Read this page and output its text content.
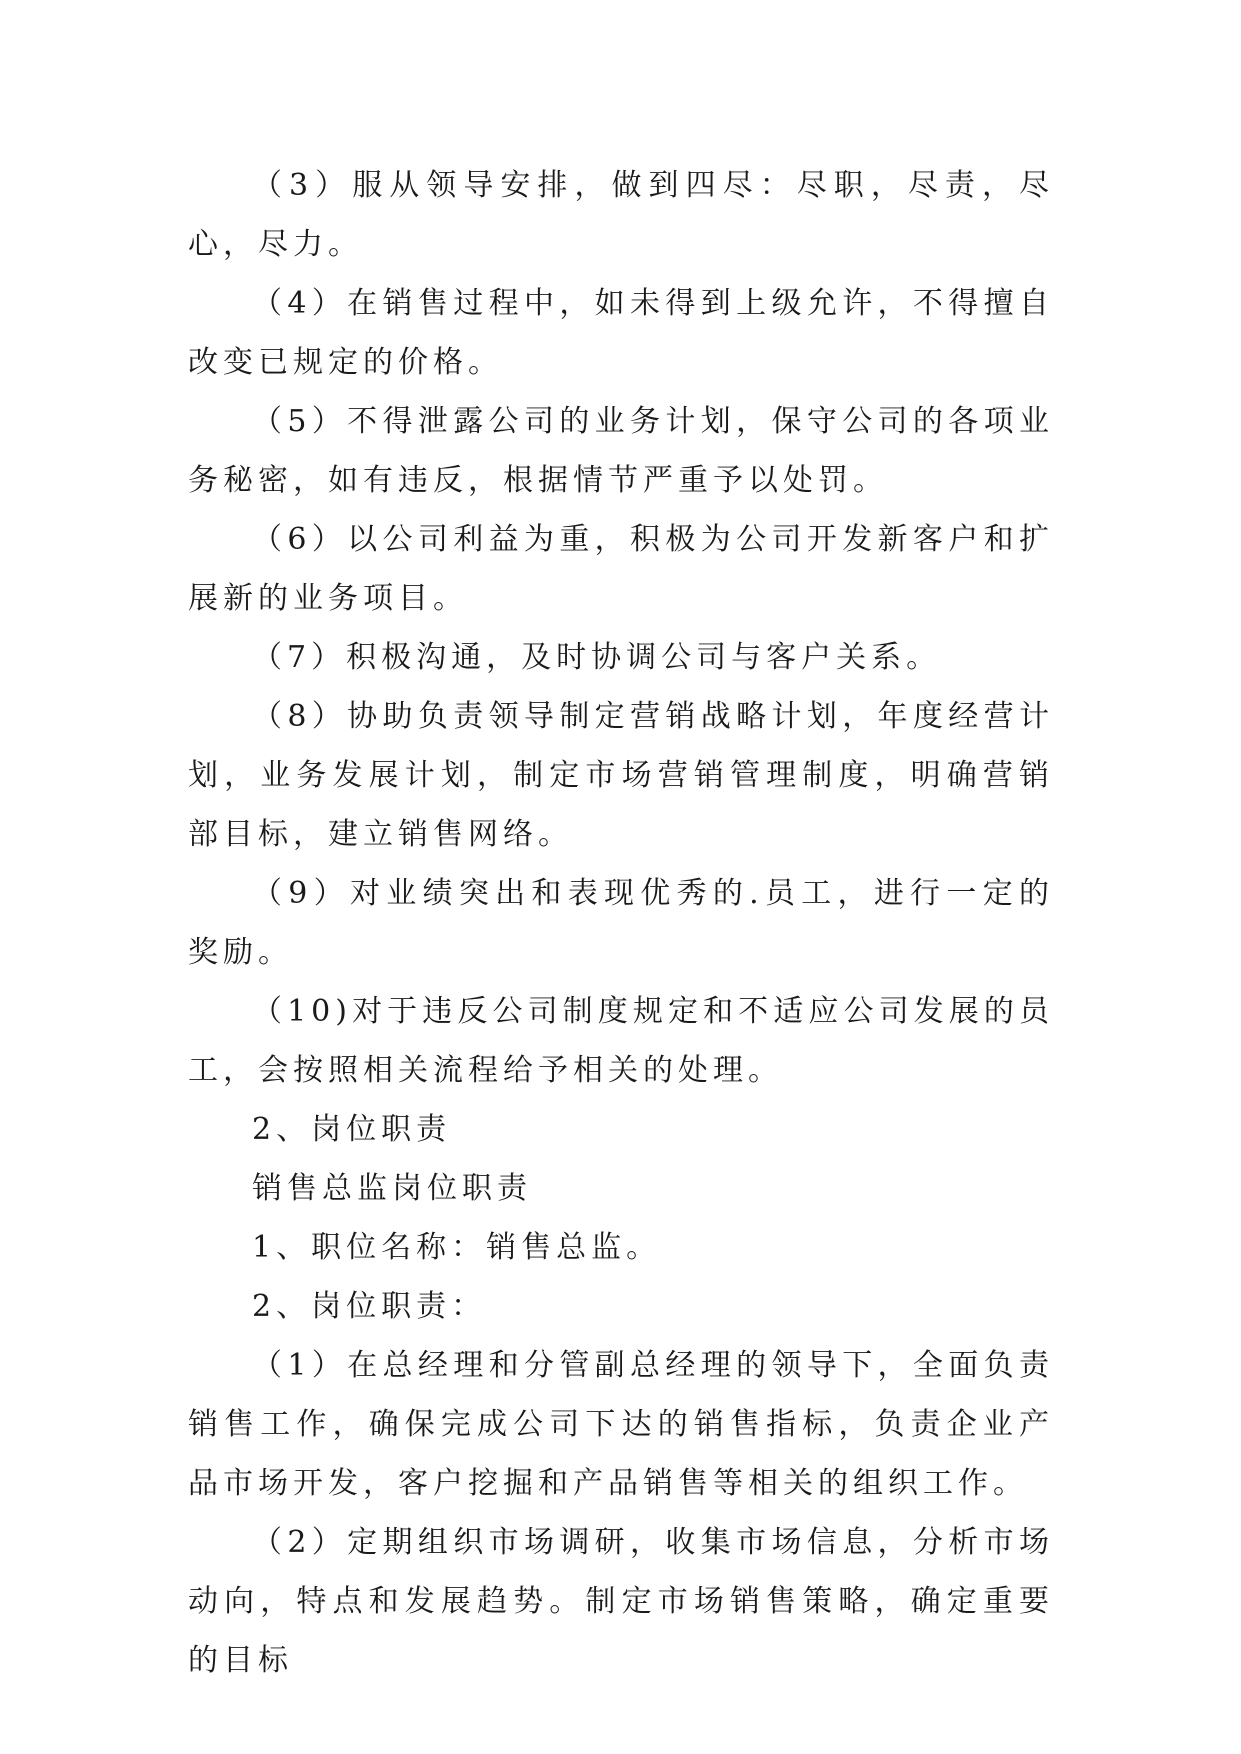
（3）服从领导安排，做到四尽：尽职，尽责，尽心，尽力。

（4）在销售过程中，如未得到上级允许，不得擅自改变已规定的价格。

（5）不得泄露公司的业务计划，保守公司的各项业务秘密，如有违反，根据情节严重予以处罚。

（6）以公司利益为重，积极为公司开发新客户和扩展新的业务项目。

（7）积极沟通，及时协调公司与客户关系。

（8）协助负责领导制定营销战略计划，年度经营计划，业务发展计划，制定市场营销管理制度，明确营销部目标，建立销售网络。

（9）对业绩突出和表现优秀的.员工，进行一定的奖励。

（10)对于违反公司制度规定和不适应公司发展的员工，会按照相关流程给予相关的处理。

2、岗位职责

销售总监岗位职责

1、职位名称：销售总监。

2、岗位职责：

（1）在总经理和分管副总经理的领导下，全面负责销售工作，确保完成公司下达的销售指标，负责企业产品市场开发，客户挖掘和产品销售等相关的组织工作。

（2）定期组织市场调研，收集市场信息，分析市场动向，特点和发展趋势。制定市场销售策略，确定重要的目标
